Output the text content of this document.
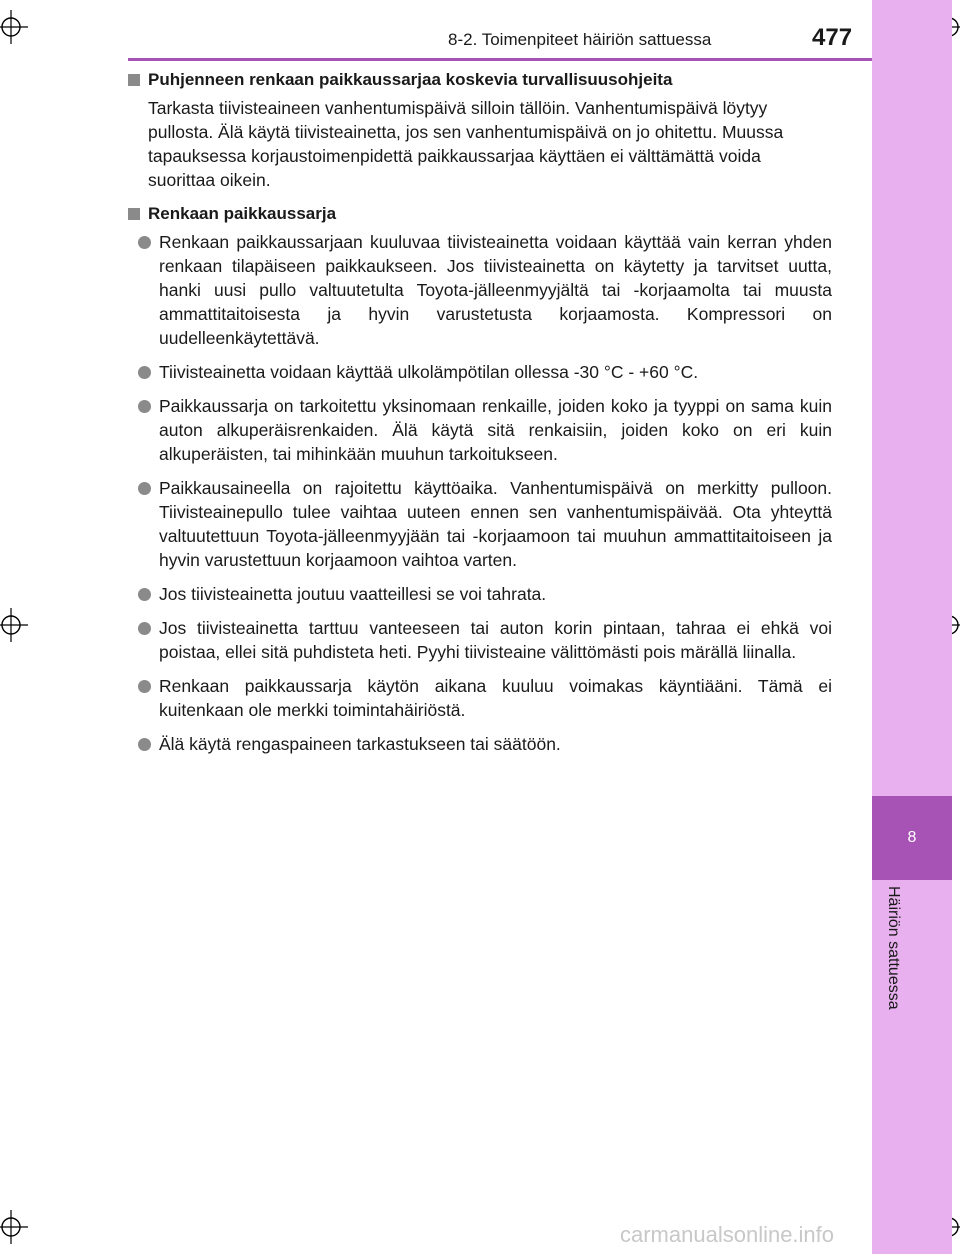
8
Häiriön sattuessa
8-2. Toimenpiteet häiriön sattuessa	477
Puhjenneen renkaan paikkaussarjaa koskevia turvallisuusohjeita

Tarkasta tiivisteaineen vanhentumispäivä silloin tällöin. Vanhentumispäivä löytyy pullosta. Älä käytä tiivisteainetta, jos sen vanhentumispäivä on jo ohitettu. Muussa tapauksessa korjaustoimenpidettä paikkaussarjaa käyttäen ei välttämättä voida suorittaa oikein.

Renkaan paikkaussarja
Renkaan paikkaussarjaan kuuluvaa tiivisteainetta voidaan käyttää vain kerran yhden renkaan tilapäiseen paikkaukseen. Jos tiivisteainetta on käytetty ja tarvitset uutta, hanki uusi pullo valtuutetulta Toyota-jälleenmyyjältä tai -korjaamolta tai muusta ammattitaitoisesta ja hyvin varustetusta korjaamosta. Kompressori on uudelleenkäytettävä.
Tiivisteainetta voidaan käyttää ulkolämpötilan ollessa -30 °C - +60 °C.
Paikkaussarja on tarkoitettu yksinomaan renkaille, joiden koko ja tyyppi on sama kuin auton alkuperäisrenkaiden. Älä käytä sitä renkaisiin, joiden koko on eri kuin alkuperäisten, tai mihinkään muuhun tarkoitukseen.
Paikkausaineella on rajoitettu käyttöaika. Vanhentumispäivä on merkitty pulloon. Tiivisteainepullo tulee vaihtaa uuteen ennen sen vanhentumispäivää. Ota yhteyttä valtuutettuun Toyota-jälleenmyyjään tai -korjaamoon tai muuhun ammattitaitoiseen ja hyvin varustettuun korjaamoon vaihtoa varten.
Jos tiivisteainetta joutuu vaatteillesi se voi tahrata.
Jos tiivisteainetta tarttuu vanteeseen tai auton korin pintaan, tahraa ei ehkä voi poistaa, ellei sitä puhdisteta heti. Pyyhi tiivisteaine välittömästi pois märällä liinalla.
Renkaan paikkaussarja käytön aikana kuuluu voimakas käyntiääni. Tämä ei kuitenkaan ole merkki toimintahäiriöstä.
Älä käytä rengaspaineen tarkastukseen tai säätöön.
carmanualsonline.info
